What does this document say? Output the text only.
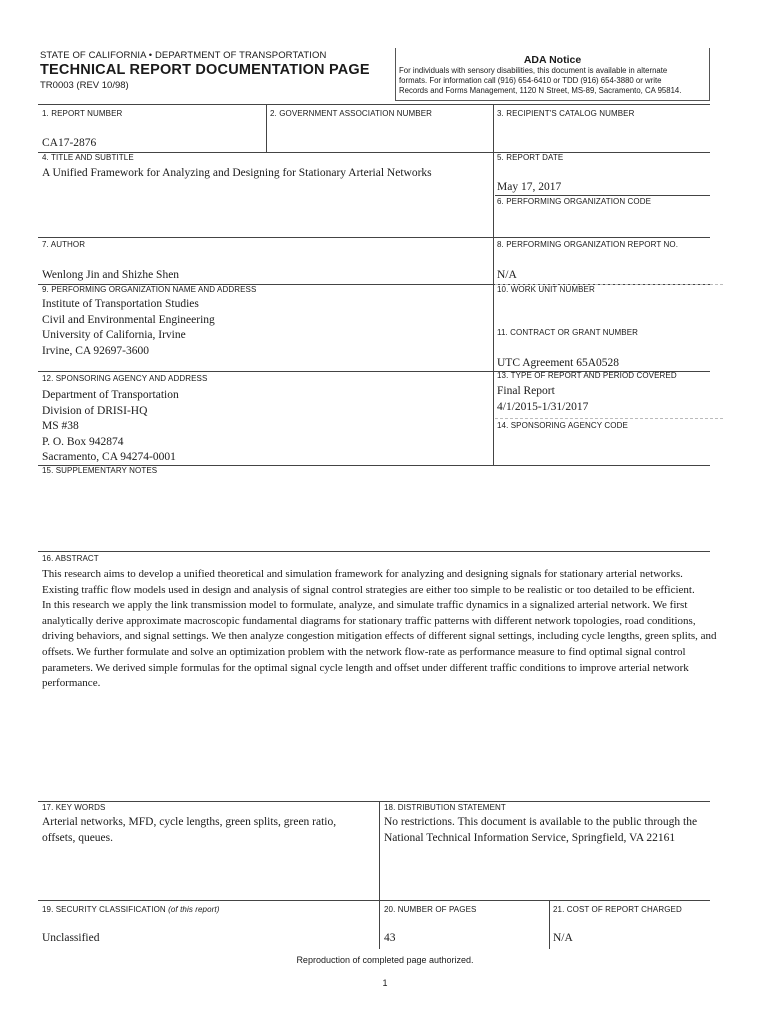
STATE OF CALIFORNIA • DEPARTMENT OF TRANSPORTATION
TECHNICAL REPORT DOCUMENTATION PAGE
TR0003 (REV 10/98)
ADA Notice
For individuals with sensory disabilities, this document is available in alternate
formats. For information call (916) 654-6410 or TDD (916) 654-3880 or write
Records and Forms Management, 1120 N Street, MS-89, Sacramento, CA 95814.
1. REPORT NUMBER
CA17-2876
2. GOVERNMENT ASSOCIATION NUMBER	3. RECIPIENT'S CATALOG NUMBER
4. TITLE AND SUBTITLE
A Unified Framework for Analyzing and Designing for Stationary Arterial Networks
5. REPORT DATE
May 17, 2017
6. PERFORMING ORGANIZATION CODE
7. AUTHOR
Wenlong Jin and Shizhe Shen
8. PERFORMING ORGANIZATION REPORT NO.
N/A
9. PERFORMING ORGANIZATION NAME AND ADDRESS
Institute of Transportation Studies
Civil and Environmental Engineering
University of California, Irvine
Irvine, CA 92697-3600
10. WORK UNIT NUMBER
11. CONTRACT OR GRANT NUMBER
UTC Agreement 65A0528
12. SPONSORING AGENCY AND ADDRESS
Department of Transportation
Division of DRISI-HQ
MS #38
P. O. Box 942874
Sacramento, CA 94274-0001
13. TYPE OF REPORT AND PERIOD COVERED
Final Report
4/1/2015-1/31/2017
14. SPONSORING AGENCY CODE
15. SUPPLEMENTARY NOTES
16. ABSTRACT

This research aims to develop a unified theoretical and simulation framework for analyzing and designing signals for stationary arterial networks. Existing traffic flow models used in design and analysis of signal control strategies are either too simple to be realistic or too detailed to be efficient.

In this research we apply the link transmission model to formulate, analyze, and simulate traffic dynamics in a signalized arterial network. We first analytically derive approximate macroscopic fundamental diagrams for stationary traffic patterns with different network topologies, road conditions, driving behaviors, and signal settings. We then analyze congestion mitigation effects of different signal settings, including cycle lengths, green splits, and offsets. We further formulate and solve an optimization problem with the network flow-rate as performance measure to find optimal signal control parameters. We derived simple formulas for the optimal signal cycle length and offset under different traffic conditions to improve arterial network performance.

17. KEY WORDS
Arterial networks, MFD, cycle lengths, green splits, green ratio, offsets, queues.
18. DISTRIBUTION STATEMENT
No restrictions. This document is available to the public through the National Technical Information Service, Springfield, VA 22161
19. SECURITY CLASSIFICATION (of this report)
Unclassified
20. NUMBER OF PAGES
43
21. COST OF REPORT CHARGED
N/A
Reproduction of completed page authorized.
1
